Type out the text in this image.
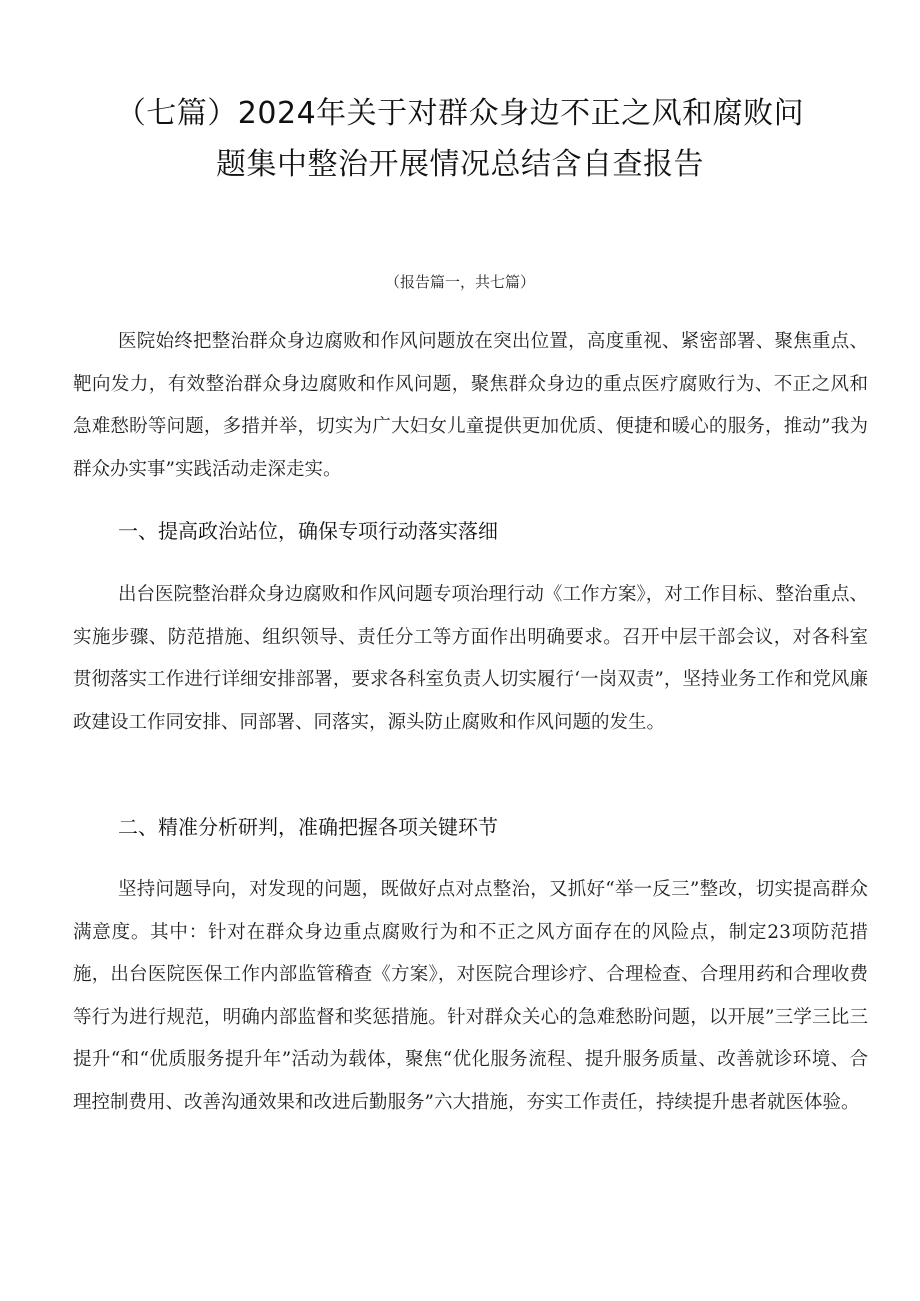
（七篇）2024年关于对群众身边不正之风和腐败问
题集中整治开展情况总结含自查报告

（报告篇一，共七篇）

医院始终把整治群众身边腐败和作风问题放在突出位置，高度重视、紧密部署、聚焦重点、靶向发力，有效整治群众身边腐败和作风问题，聚焦群众身边的重点医疗腐败行为、不正之风和急难愁盼等问题，多措并举，切实为广大妇女儿童提供更加优质、便捷和暖心的服务，推动”我为群众办实事”实践活动走深走实。

一、提高政治站位，确保专项行动落实落细

出台医院整治群众身边腐败和作风问题专项治理行动《工作方案》，对工作目标、整治重点、实施步骤、防范措施、组织领导、责任分工等方面作出明确要求。召开中层干部会议，对各科室贯彻落实工作进行详细安排部署，要求各科室负责人切实履行‘一岗双责”，坚持业务工作和党风廉政建设工作同安排、同部署、同落实，源头防止腐败和作风问题的发生。

二、精准分析研判，准确把握各项关键环节

坚持问题导向，对发现的问题，既做好点对点整治，又抓好“举一反三”整改，切实提高群众满意度。其中：针对在群众身边重点腐败行为和不正之风方面存在的风险点，制定23项防范措施，出台医院医保工作内部监管稽查《方案》，对医院合理诊疗、合理检查、合理用药和合理收费等行为进行规范，明确内部监督和奖惩措施。针对群众关心的急难愁盼问题，以开展”三学三比三提升“和“优质服务提升年”活动为载体，聚焦“优化服务流程、提升服务质量、改善就诊环境、合理控制费用、改善沟通效果和改进后勤服务”六大措施，夯实工作责任，持续提升患者就医体验。
